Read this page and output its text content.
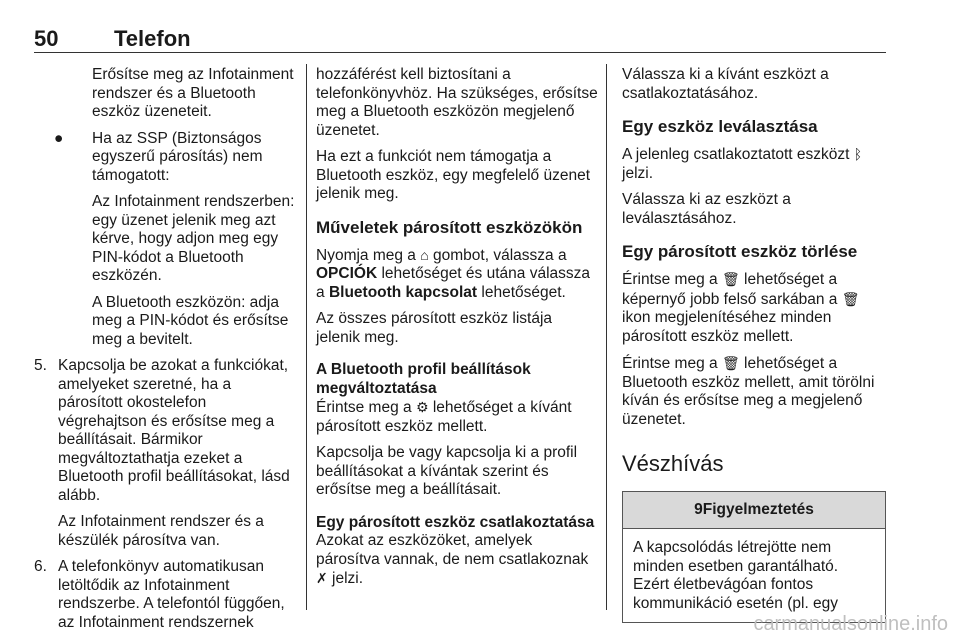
50	Telefon

Erősítse meg az Infotainment rendszer és a Bluetooth eszköz üzeneteit.

● Ha az SSP (Biztonságos egyszerű párosítás) nem támogatott:

Az Infotainment rendszerben: egy üzenet jelenik meg azt kérve, hogy adjon meg egy PIN-kódot a Bluetooth eszközén.

A Bluetooth eszközön: adja meg a PIN-kódot és erősítse meg a bevitelt.

5. Kapcsolja be azokat a funkciókat, amelyeket szeretné, ha a párosított okostelefon végrehajtson és erősítse meg a beállításait. Bármikor megváltoztathatja ezeket a Bluetooth profil beállításokat, lásd alább.

Az Infotainment rendszer és a készülék párosítva van.

6. A telefonkönyv automatikusan letöltődik az Infotainment rendszerbe. A telefontól függően, az Infotainment rendszernek

hozzáférést kell biztosítani a telefonkönyvhöz. Ha szükséges, erősítse meg a Bluetooth eszközön megjelenő üzenetet.

Ha ezt a funkciót nem támogatja a Bluetooth eszköz, egy megfelelő üzenet jelenik meg.

Műveletek párosított eszközökön

Nyomja meg a ⌂ gombot, válassza a OPCIÓK lehetőséget és utána válassza a Bluetooth kapcsolat lehetőséget.

Az összes párosított eszköz listája jelenik meg.

A Bluetooth profil beállítások megváltoztatása

Érintse meg a ⚙ lehetőséget a kívánt párosított eszköz mellett.

Kapcsolja be vagy kapcsolja ki a profil beállításokat a kívántak szerint és erősítse meg a beállításait.

Egy párosított eszköz csatlakoztatása

Azokat az eszközöket, amelyek párosítva vannak, de nem csatlakoznak ✗ jelzi.

Válassza ki a kívánt eszközt a csatlakoztatásához.

Egy eszköz leválasztása

A jelenleg csatlakoztatott eszközt ᛒ jelzi.

Válassza ki az eszközt a leválasztásához.

Egy párosított eszköz törlése

Érintse meg a 🗑 lehetőséget a képernyő jobb felső sarkában a 🗑 ikon megjelenítéséhez minden párosított eszköz mellett.

Érintse meg a 🗑 lehetőséget a Bluetooth eszköz mellett, amit törölni kíván és erősítse meg a megjelenő üzenetet.

Vészhívás
9Figyelmeztetés
A kapcsolódás létrejötte nem minden esetben garantálható. Ezért életbevágóan fontos kommunikáció esetén (pl. egy
carmanualsonline.info
